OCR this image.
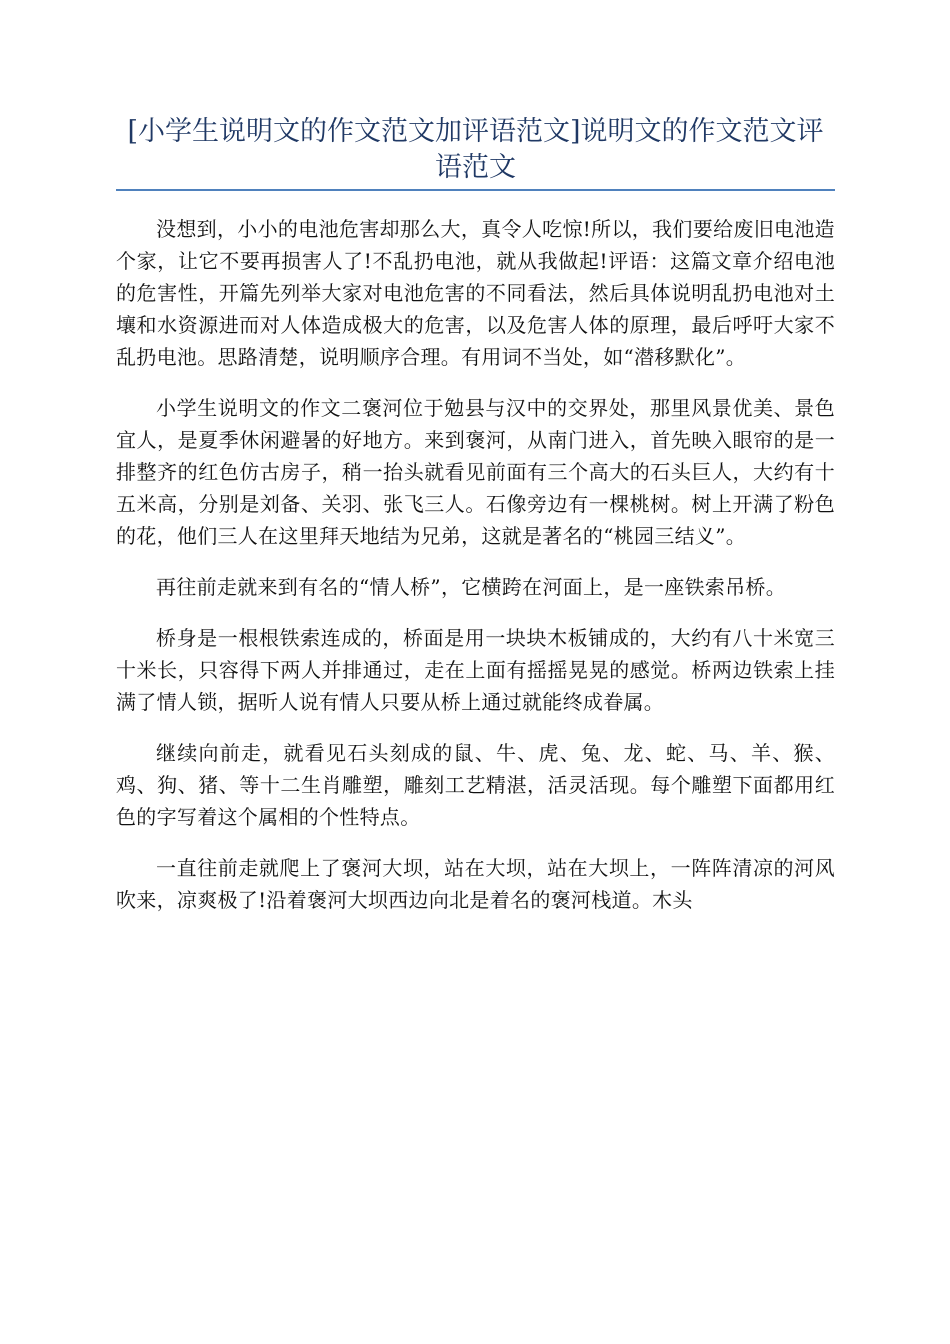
[小学生说明文的作文范文加评语范文]说明文的作文范文评语范文

没想到，小小的电池危害却那么大，真令人吃惊!所以，我们要给废旧电池造个家，让它不要再损害人了!不乱扔电池，就从我做起!评语：这篇文章介绍电池的危害性，开篇先列举大家对电池危害的不同看法，然后具体说明乱扔电池对土壤和水资源进而对人体造成极大的危害，以及危害人体的原理，最后呼吁大家不乱扔电池。思路清楚，说明顺序合理。有用词不当处，如“潜移默化”。

小学生说明文的作文二褒河位于勉县与汉中的交界处，那里风景优美、景色宜人，是夏季休闲避暑的好地方。来到褒河，从南门进入，首先映入眼帘的是一排整齐的红色仿古房子，稍一抬头就看见前面有三个高大的石头巨人，大约有十五米高，分别是刘备、关羽、张飞三人。石像旁边有一棵桃树。树上开满了粉色的花，他们三人在这里拜天地结为兄弟，这就是著名的“桃园三结义”。

再往前走就来到有名的“情人桥”，它横跨在河面上，是一座铁索吊桥。

桥身是一根根铁索连成的，桥面是用一块块木板铺成的，大约有八十米宽三十米长，只容得下两人并排通过，走在上面有摇摇晃晃的感觉。桥两边铁索上挂满了情人锁，据听人说有情人只要从桥上通过就能终成眷属。

继续向前走，就看见石头刻成的鼠、牛、虎、兔、龙、蛇、马、羊、猴、鸡、狗、猪、等十二生肖雕塑，雕刻工艺精湛，活灵活现。每个雕塑下面都用红色的字写着这个属相的个性特点。

一直往前走就爬上了褒河大坝，站在大坝，站在大坝上，一阵阵清凉的河风吹来，凉爽极了!沿着褒河大坝西边向北是着名的褒河栈道。木头
